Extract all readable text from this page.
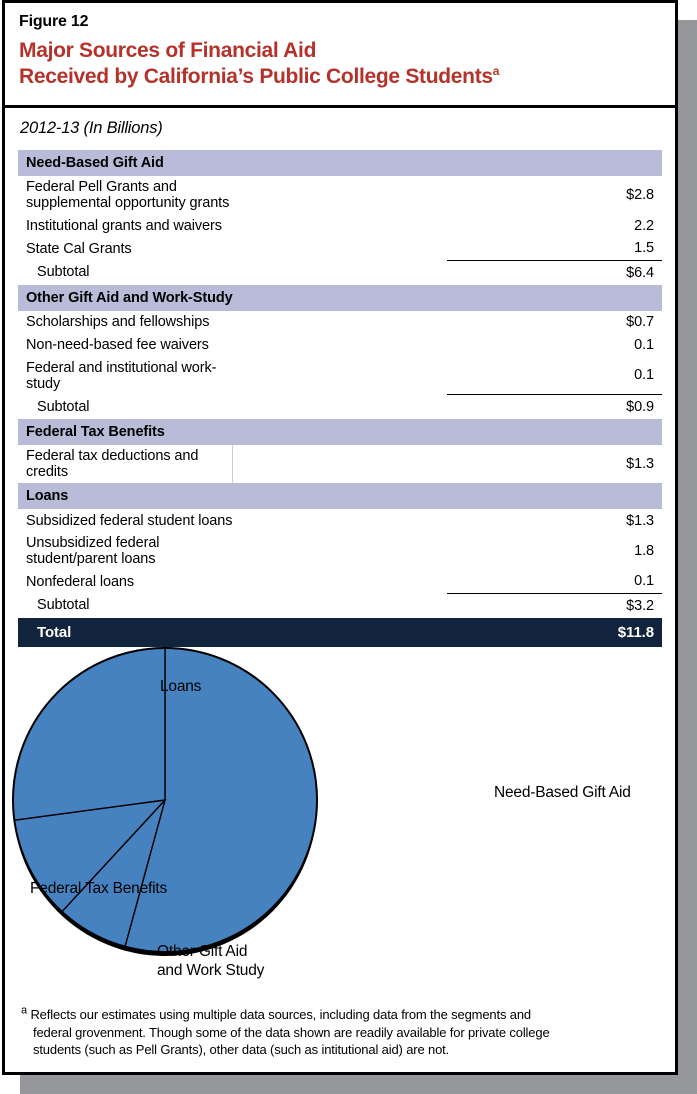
Figure 12
Major Sources of Financial Aid
Received by California’s Public College Students$^a$
2012-13 (In Billions)
Need-Based Gift Aid		
Federal Pell Grants and supplemental opportunity grants		$2.8
Institutional grants and waivers		2.2
State Cal Grants		1.5
Subtotal		$6.4
Other Gift Aid and Work-Study		
Scholarships and fellowships		$0.7
Non-need-based fee waivers		0.1
Federal and institutional work-study		0.1
Subtotal		$0.9
Federal Tax Benefits		
Federal tax deductions and credits		$1.3
Loans		
Subsidized federal student loans		$1.3
Unsubsidized federal student/parent loans		1.8
Nonfederal loans		0.1
Subtotal		$3.2
Total		$11.8
Loans
Need-Based Gift Aid
Federal Tax Benefits
Other Gift Aid
and Work Study

$^a$ Reflects our estimates using multiple data sources, including data from the segments and

federal grovenment. Though some of the data shown are readily available for private college

students (such as Pell Grants), other data (such as intitutional aid) are not.
